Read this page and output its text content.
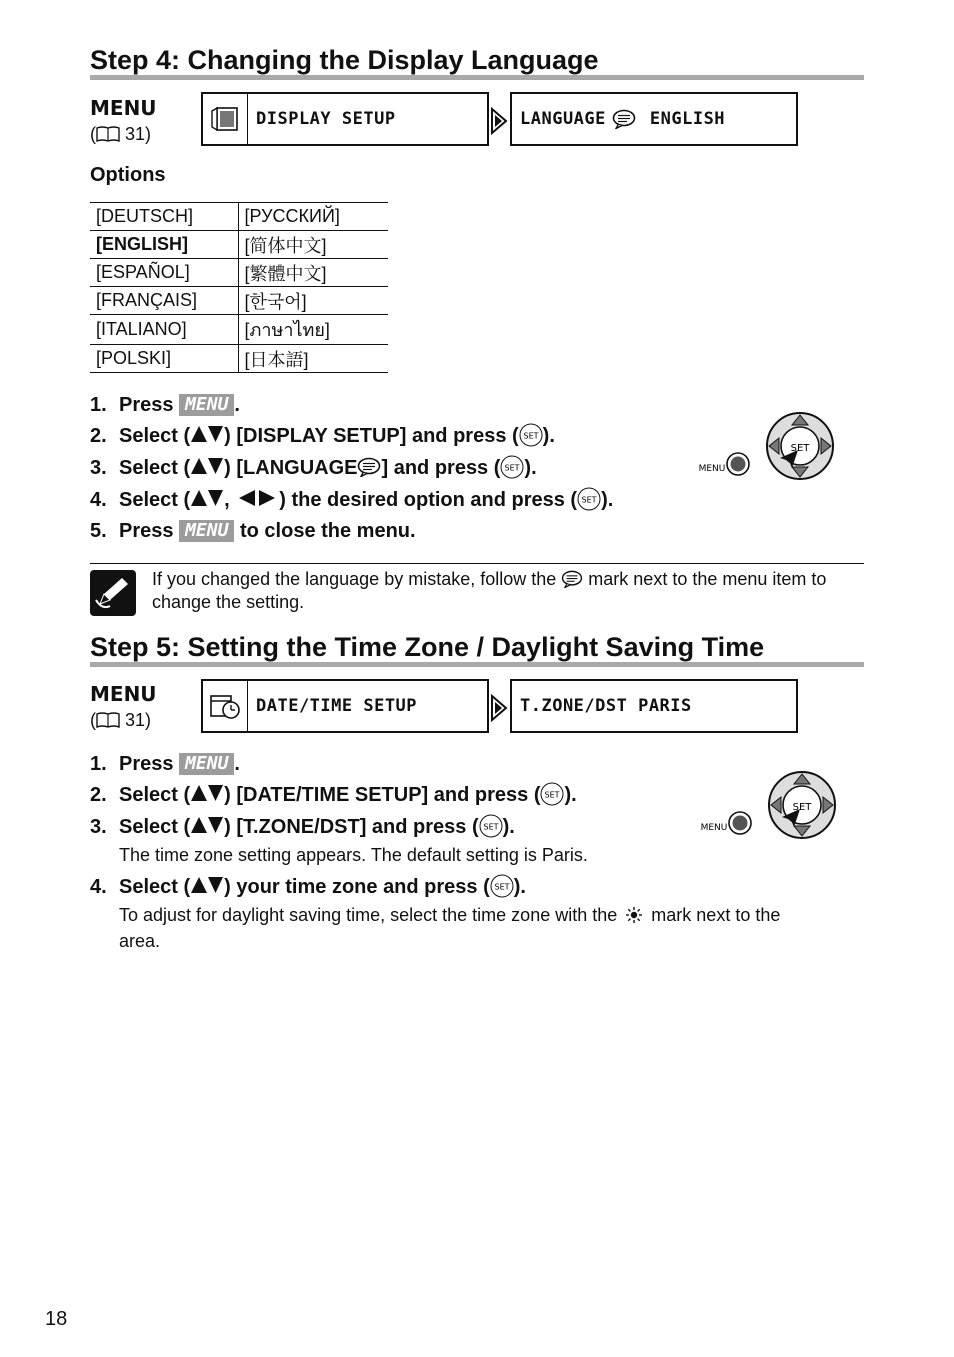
Step 4: Changing the Display Language
MENU
( 31)
DISPLAY SETUP	LANGUAGE	ENGLISH
Options
[DEUTSCH]	[РУССКИЙ]
[ENGLISH]	[简体中文]
[ESPAÑOL]	[繁體中文]
[FRANÇAIS]	[한국어]
[ITALIANO]	[ภาษาไทย]
[POLSKI]	[日本語]
1. Press MENU .
2. Select ( ) [DISPLAY SETUP] and press ( SET ).
3. Select ( ) [LANGUAGE ] and press ( SET ).
4. Select ( , ) the desired option and press ( SET ).
5. Press MENU to close the menu.
MENU
SET
If you changed the language by mistake, follow the mark next to the menu item to change the setting.
Step 5: Setting the Time Zone / Daylight Saving Time
MENU
( 31)
DATE/TIME SETUP	T.ZONE/DST PARIS
1. Press MENU .
2. Select ( ) [DATE/TIME SETUP] and press ( SET ).
3. Select ( ) [T.ZONE/DST] and press ( SET ).
The time zone setting appears. The default setting is Paris.
4. Select ( ) your time zone and press ( SET ).
To adjust for daylight saving time, select the time zone with the mark next to the
area.
MENU
SET
18
